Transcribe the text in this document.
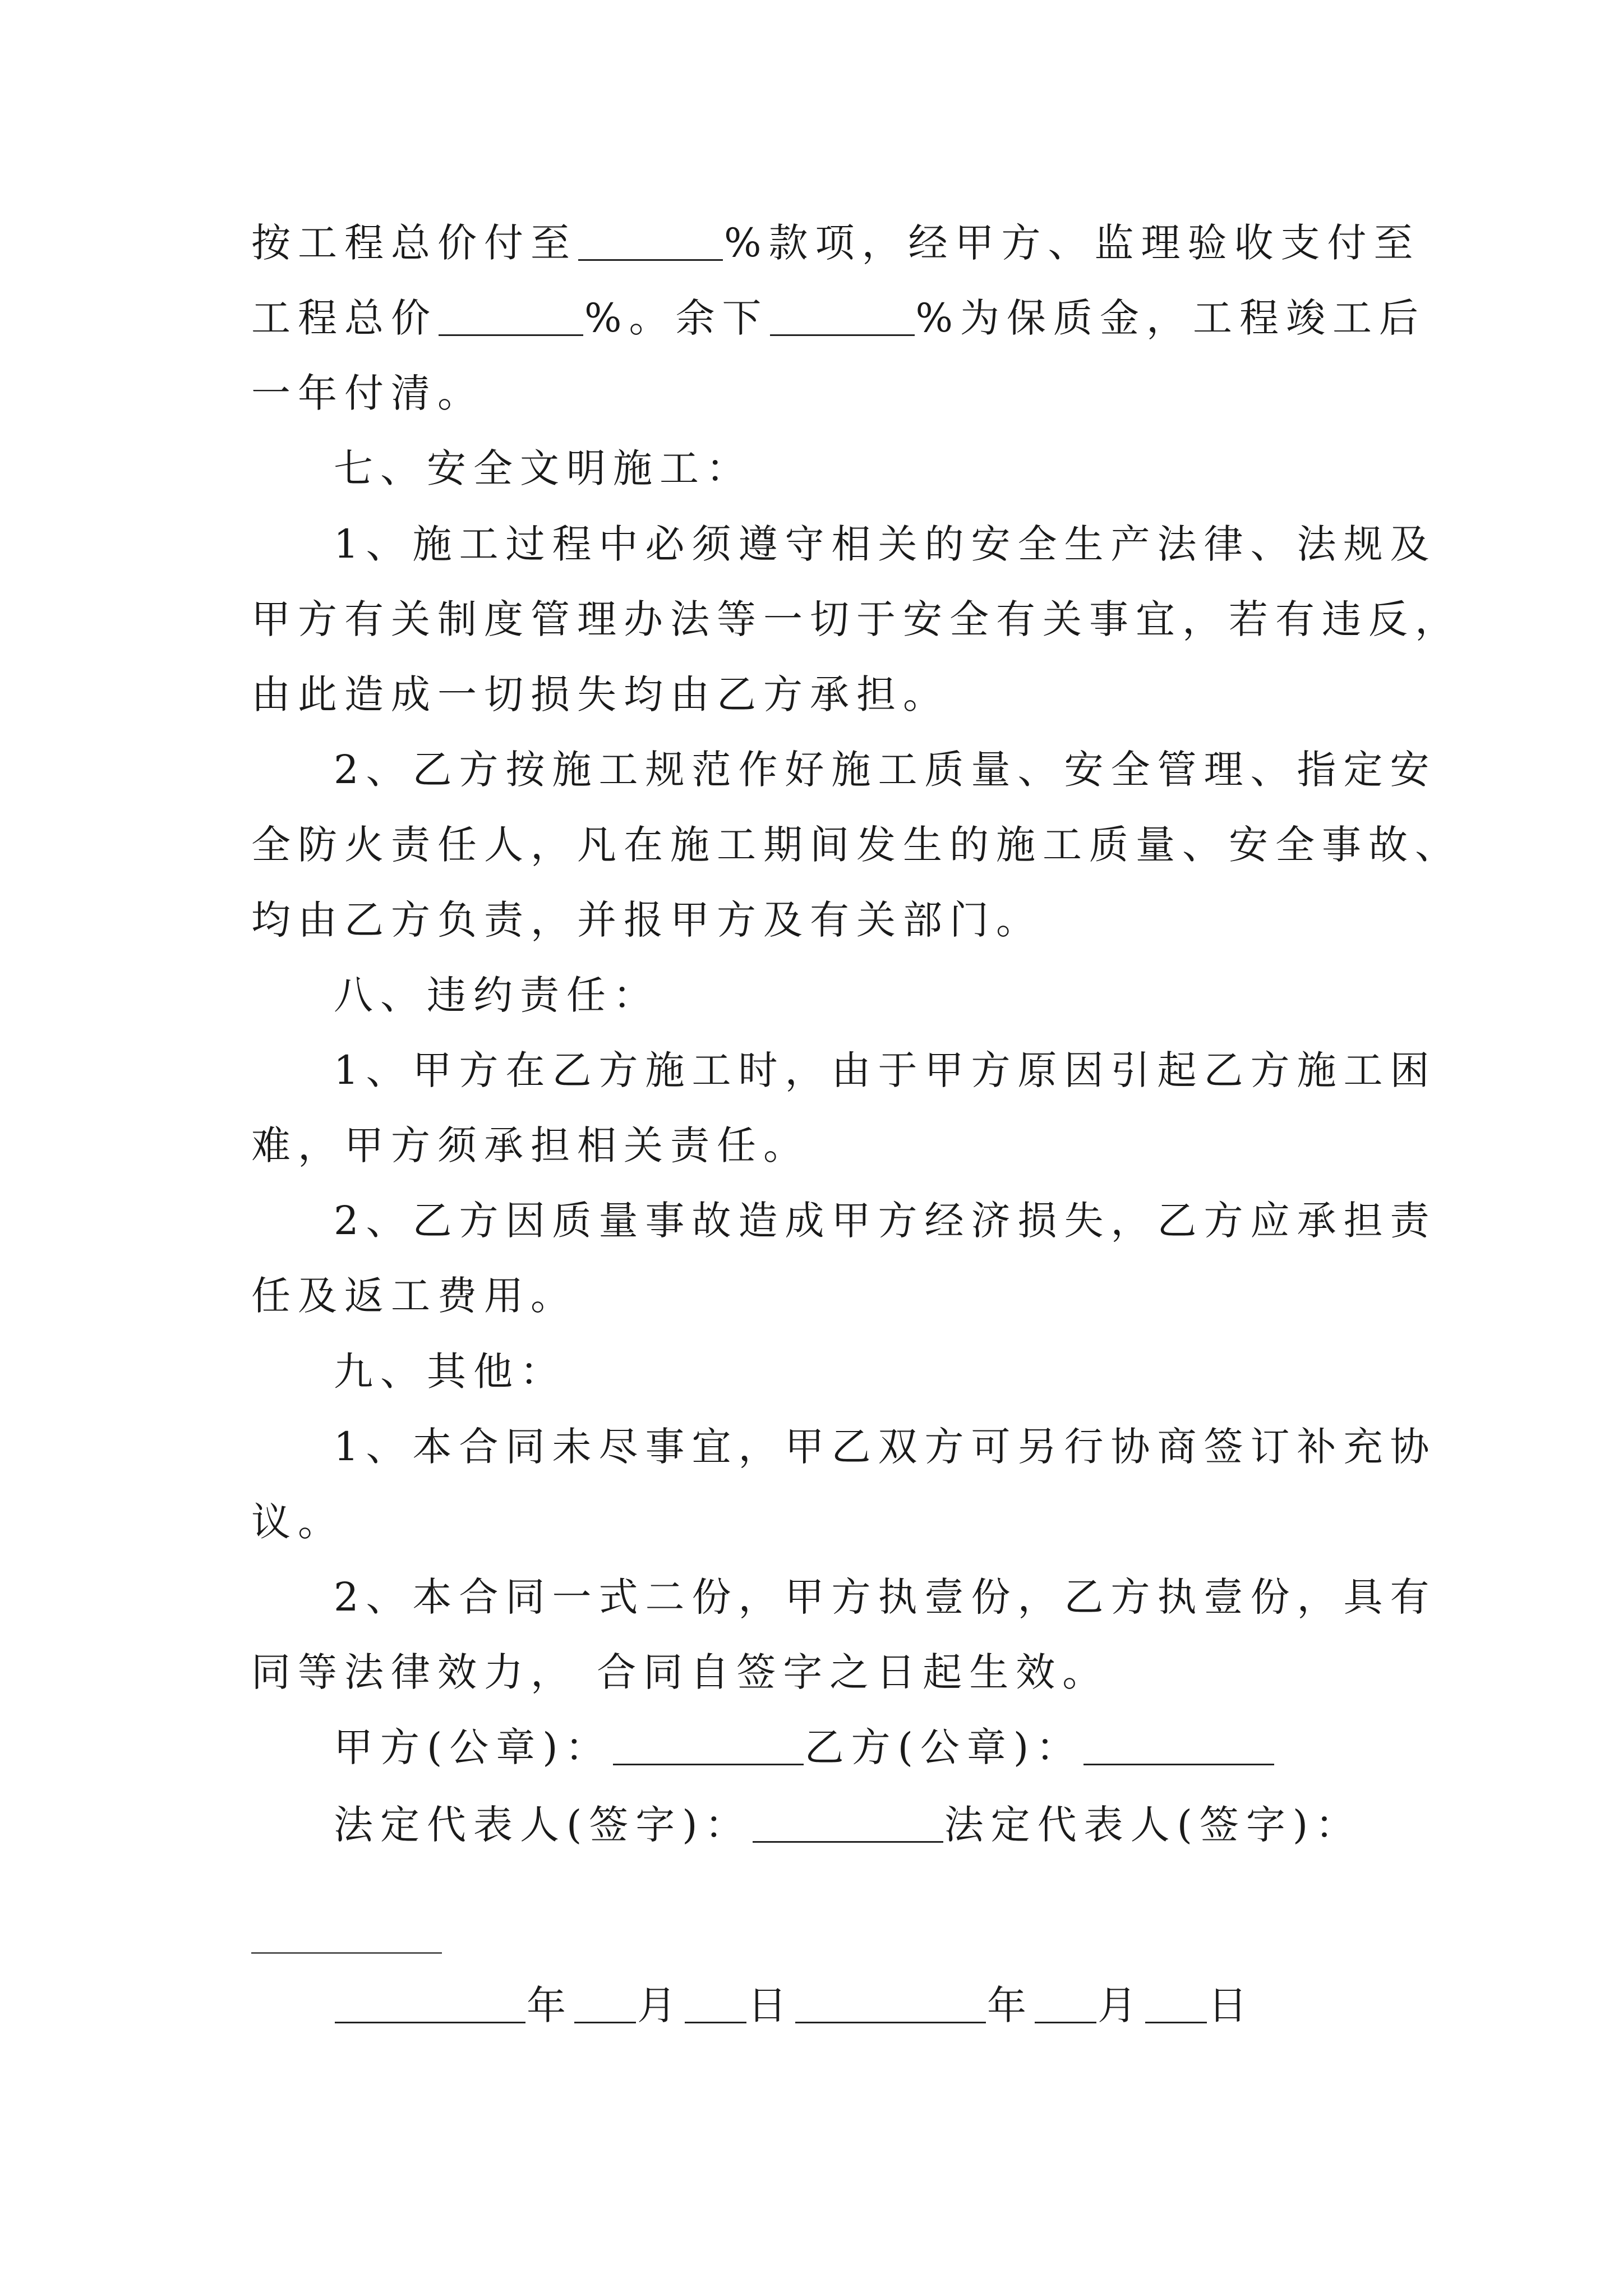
按工程总价付至	%款项，经甲方、监理验收支付至
工程总价	%。余下	%为保质金，工程竣工后
一年付清。
七、安全文明施工：
1、施工过程中必须遵守相关的安全生产法律、法规及
甲方有关制度管理办法等一切于安全有关事宜，若有违反，
由此造成一切损失均由乙方承担。
2、乙方按施工规范作好施工质量、安全管理、指定安
全防火责任人，凡在施工期间发生的施工质量、安全事故、
均由乙方负责，并报甲方及有关部门。
八、违约责任：
1、甲方在乙方施工时，由于甲方原因引起乙方施工困
难，甲方须承担相关责任。
2、乙方因质量事故造成甲方经济损失，乙方应承担责
任及返工费用。
九、其他：
1、本合同未尽事宜，甲乙双方可另行协商签订补充协
议。
2、本合同一式二份，甲方执壹份，乙方执壹份，具有
同等法律效力， 合同自签字之日起生效。
甲方(公章)：	乙方(公章)：
法定代表人(签字)：	法定代表人(签字)：
年 月 日	年 月 日
